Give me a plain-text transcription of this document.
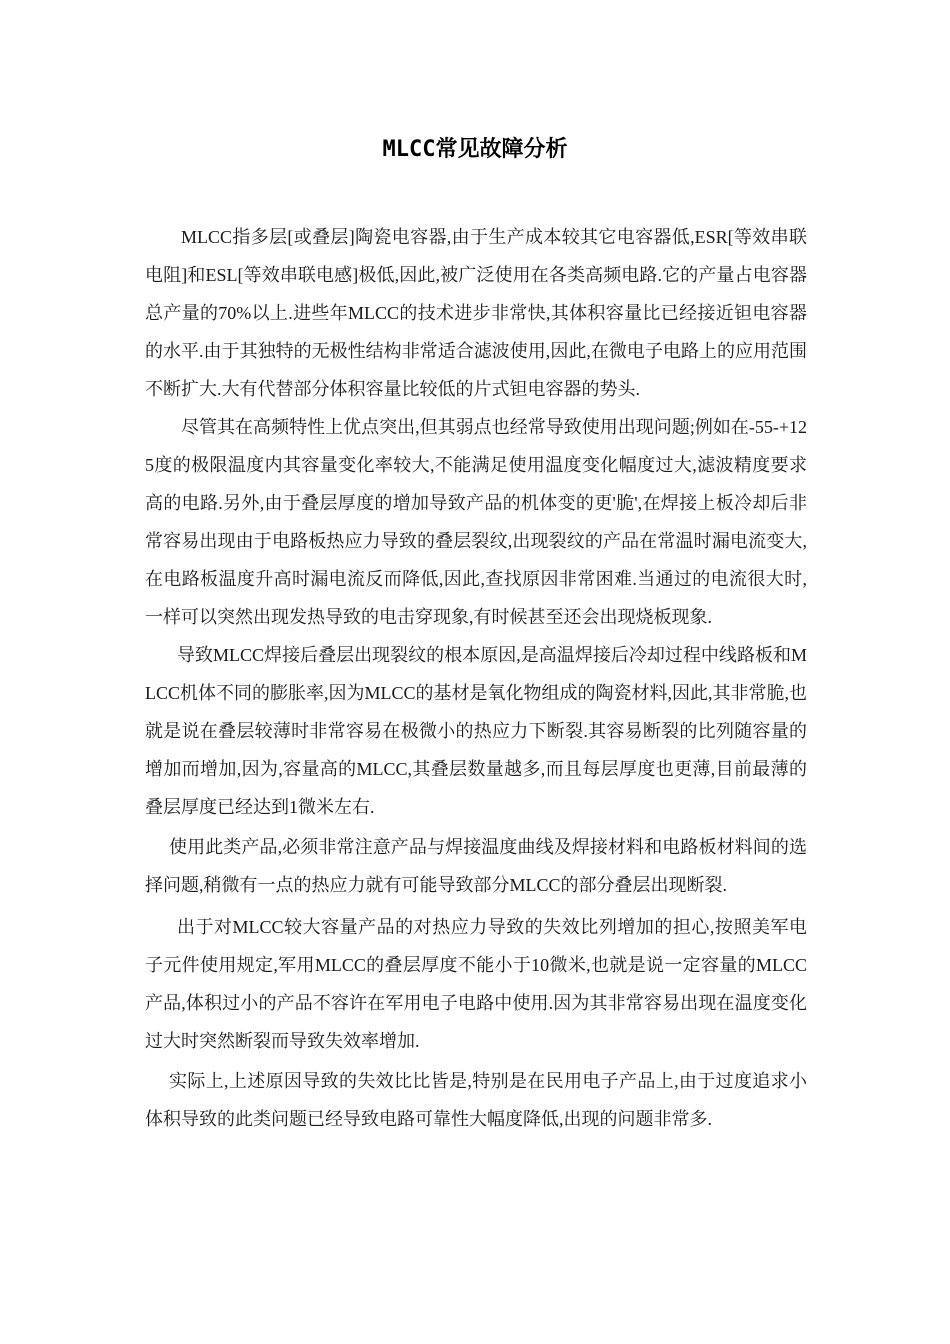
MLCC常见故障分析

MLCC指多层[或叠层]陶瓷电容器,由于生产成本较其它电容器低,ESR[等效串联电阻]和ESL[等效串联电感]极低,因此,被广泛使用在各类高频电路.它的产量占电容器总产量的70%以上.进些年MLCC的技术进步非常快,其体积容量比已经接近钽电容器的水平.由于其独特的无极性结构非常适合滤波使用,因此,在微电子电路上的应用范围不断扩大.大有代替部分体积容量比较低的片式钽电容器的势头.

尽管其在高频特性上优点突出,但其弱点也经常导致使用出现问题;例如在-55-+125度的极限温度内其容量变化率较大,不能满足使用温度变化幅度过大,滤波精度要求高的电路.另外,由于叠层厚度的增加导致产品的机体变的更'脆',在焊接上板冷却后非常容易出现由于电路板热应力导致的叠层裂纹,出现裂纹的产品在常温时漏电流变大,在电路板温度升高时漏电流反而降低,因此,查找原因非常困难.当通过的电流很大时,一样可以突然出现发热导致的电击穿现象,有时候甚至还会出现烧板现象.

导致MLCC焊接后叠层出现裂纹的根本原因,是高温焊接后冷却过程中线路板和MLCC机体不同的膨胀率,因为MLCC的基材是氧化物组成的陶瓷材料,因此,其非常脆,也就是说在叠层较薄时非常容易在极微小的热应力下断裂.其容易断裂的比列随容量的增加而增加,因为,容量高的MLCC,其叠层数量越多,而且每层厚度也更薄,目前最薄的叠层厚度已经达到1微米左右.

使用此类产品,必须非常注意产品与焊接温度曲线及焊接材料和电路板材料间的选择问题,稍微有一点的热应力就有可能导致部分MLCC的部分叠层出现断裂.

出于对MLCC较大容量产品的对热应力导致的失效比列增加的担心,按照美军电子元件使用规定,军用MLCC的叠层厚度不能小于10微米,也就是说一定容量的MLCC产品,体积过小的产品不容许在军用电子电路中使用.因为其非常容易出现在温度变化过大时突然断裂而导致失效率增加.

实际上,上述原因导致的失效比比皆是,特别是在民用电子产品上,由于过度追求小体积导致的此类问题已经导致电路可靠性大幅度降低,出现的问题非常多.
